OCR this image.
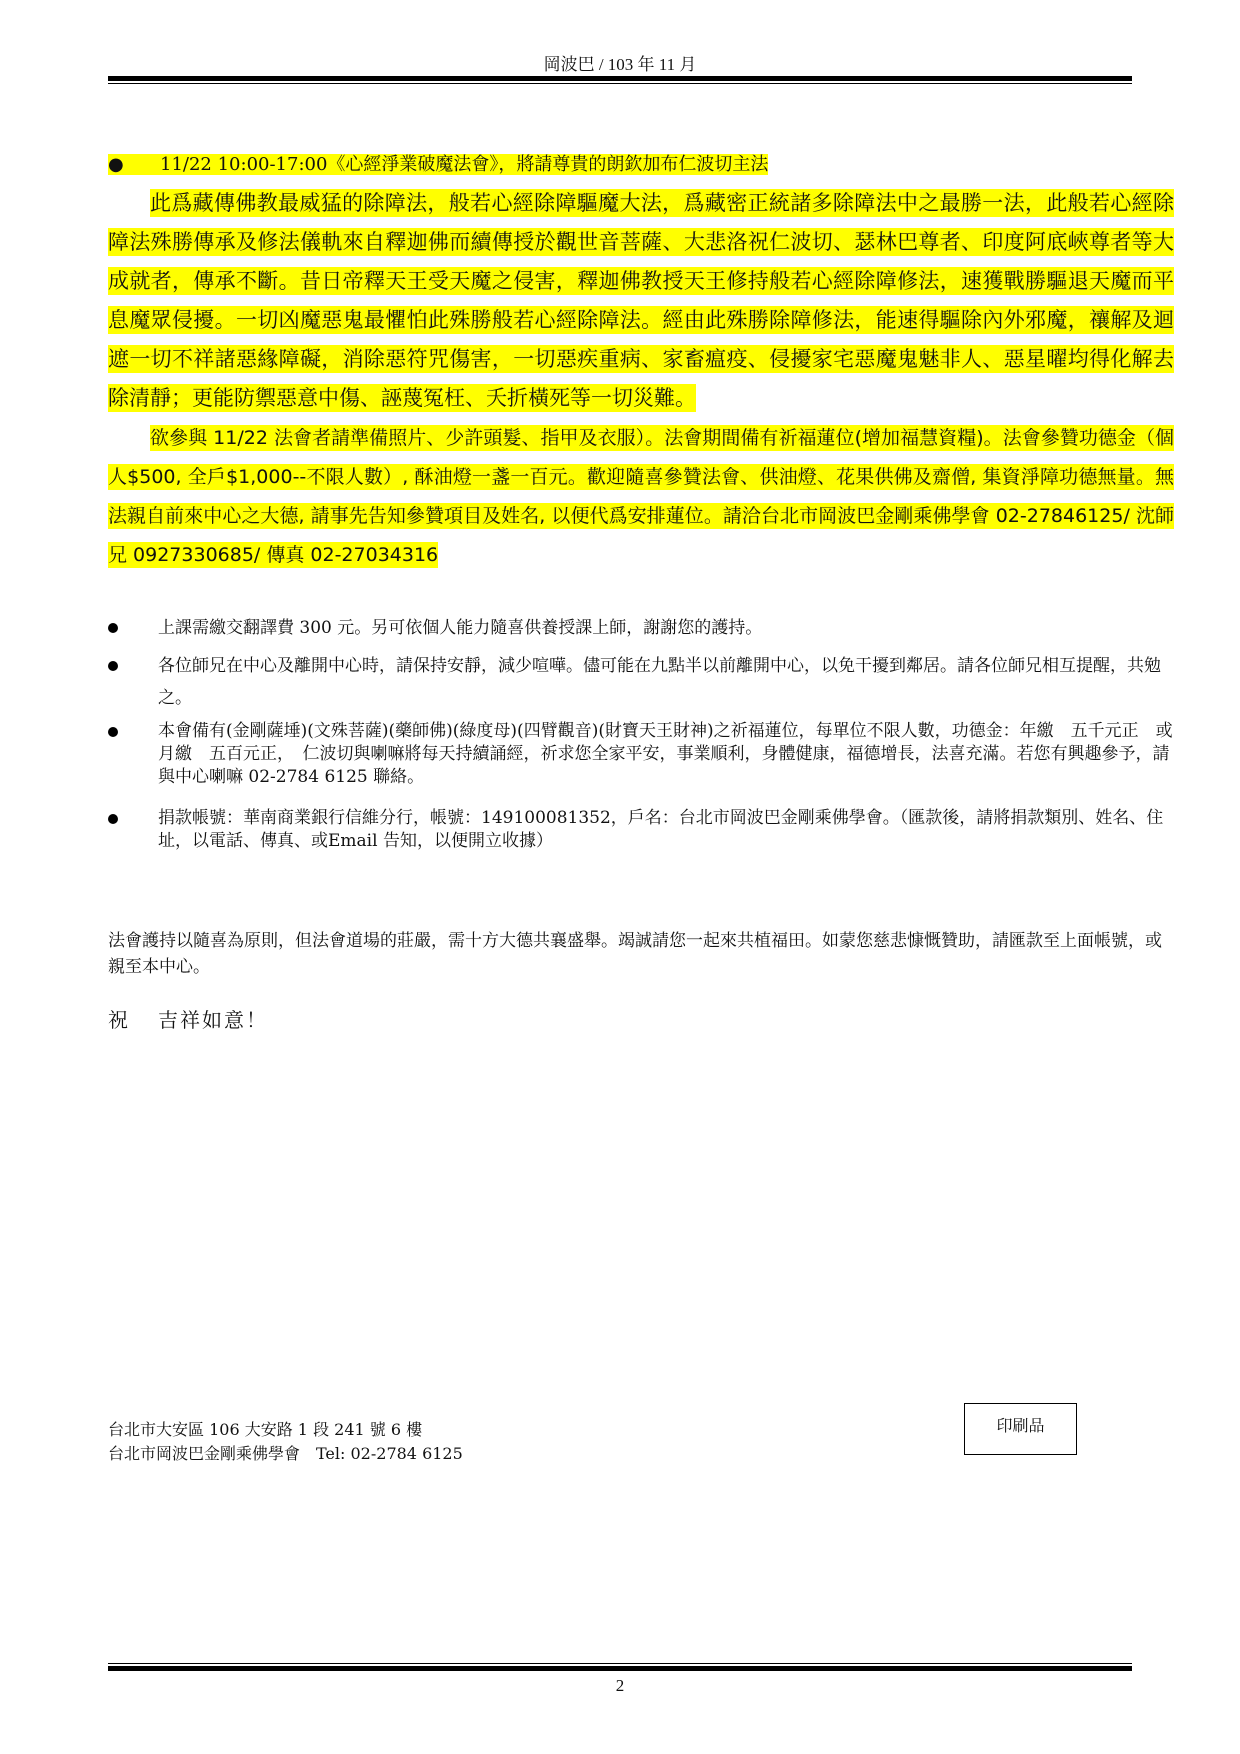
岡波巴 / 103 年 11 月

● 11/22 10:00-17:00《心經淨業破魔法會》，將請尊貴的朗欽加布仁波切主法

此爲藏傳佛教最威猛的除障法，般若心經除障驅魔大法，爲藏密正統諸多除障法中之最勝一法，此般若心經除障法殊勝傳承及修法儀軌來自釋迦佛而續傳授於觀世音菩薩、大悲洛祝仁波切、瑟林巴尊者、印度阿底峽尊者等大成就者，傳承不斷。昔日帝釋天王受天魔之侵害，釋迦佛教授天王修持般若心經除障修法，速獲戰勝驅退天魔而平息魔眾侵擾。一切凶魔惡鬼最懼怕此殊勝般若心經除障法。經由此殊勝除障修法，能速得驅除內外邪魔，禳解及迴遮一切不祥諸惡緣障礙，消除惡符咒傷害，一切惡疾重病、家畜瘟疫、侵擾家宅惡魔鬼魅非人、惡星曜均得化解去除清靜；更能防禦惡意中傷、誣蔑冤枉、夭折橫死等一切災難。

欲參與 11/22 法會者請準備照片、少許頭髮、指甲及衣服）。法會期間備有祈福蓮位(增加福慧資糧)。法會參贊功德金（個人$500, 全戶$1,000--不限人數）, 酥油燈一盞一百元。歡迎隨喜參贊法會、供油燈、花果供佛及齋僧, 集資淨障功德無量。無法親自前來中心之大德, 請事先告知參贊項目及姓名, 以便代爲安排蓮位。請洽台北市岡波巴金剛乘佛學會 02-27846125/ 沈師兄 0927330685/ 傳真 02-27034316

上課需繳交翻譯費 300 元。另可依個人能力隨喜供養授課上師，謝謝您的護持。
各位師兄在中心及離開中心時，請保持安靜，減少喧嘩。儘可能在九點半以前離開中心，以免干擾到鄰居。請各位師兄相互提醒，共勉之。
本會備有(金剛薩埵)(文殊菩薩)(藥師佛)(綠度母)(四臂觀音)(財寶天王財神)之祈福蓮位，每單位不限人數，功德金：年繳　五千元正　或　月繳　五百元正，　仁波切與喇嘛將每天持續誦經，祈求您全家平安，事業順利，身體健康，福德增長，法喜充滿。若您有興趣參予，請與中心喇嘛 02-2784 6125 聯絡。
捐款帳號：華南商業銀行信維分行，帳號：149100081352，戶名：台北市岡波巴金剛乘佛學會。（匯款後，請將捐款類別、姓名、住址，以電話、傳真、或Email 告知，以便開立收據）

法會護持以隨喜為原則，但法會道場的莊嚴，需十方大德共襄盛舉。竭誠請您一起來共植福田。如蒙您慈悲慷慨贊助，請匯款至上面帳號，或親至本中心。

祝 吉祥如意！

台北市大安區 106 大安路 1 段 241 號 6 樓
台北市岡波巴金剛乘佛學會　Tel: 02-2784 6125
印刷品
2
